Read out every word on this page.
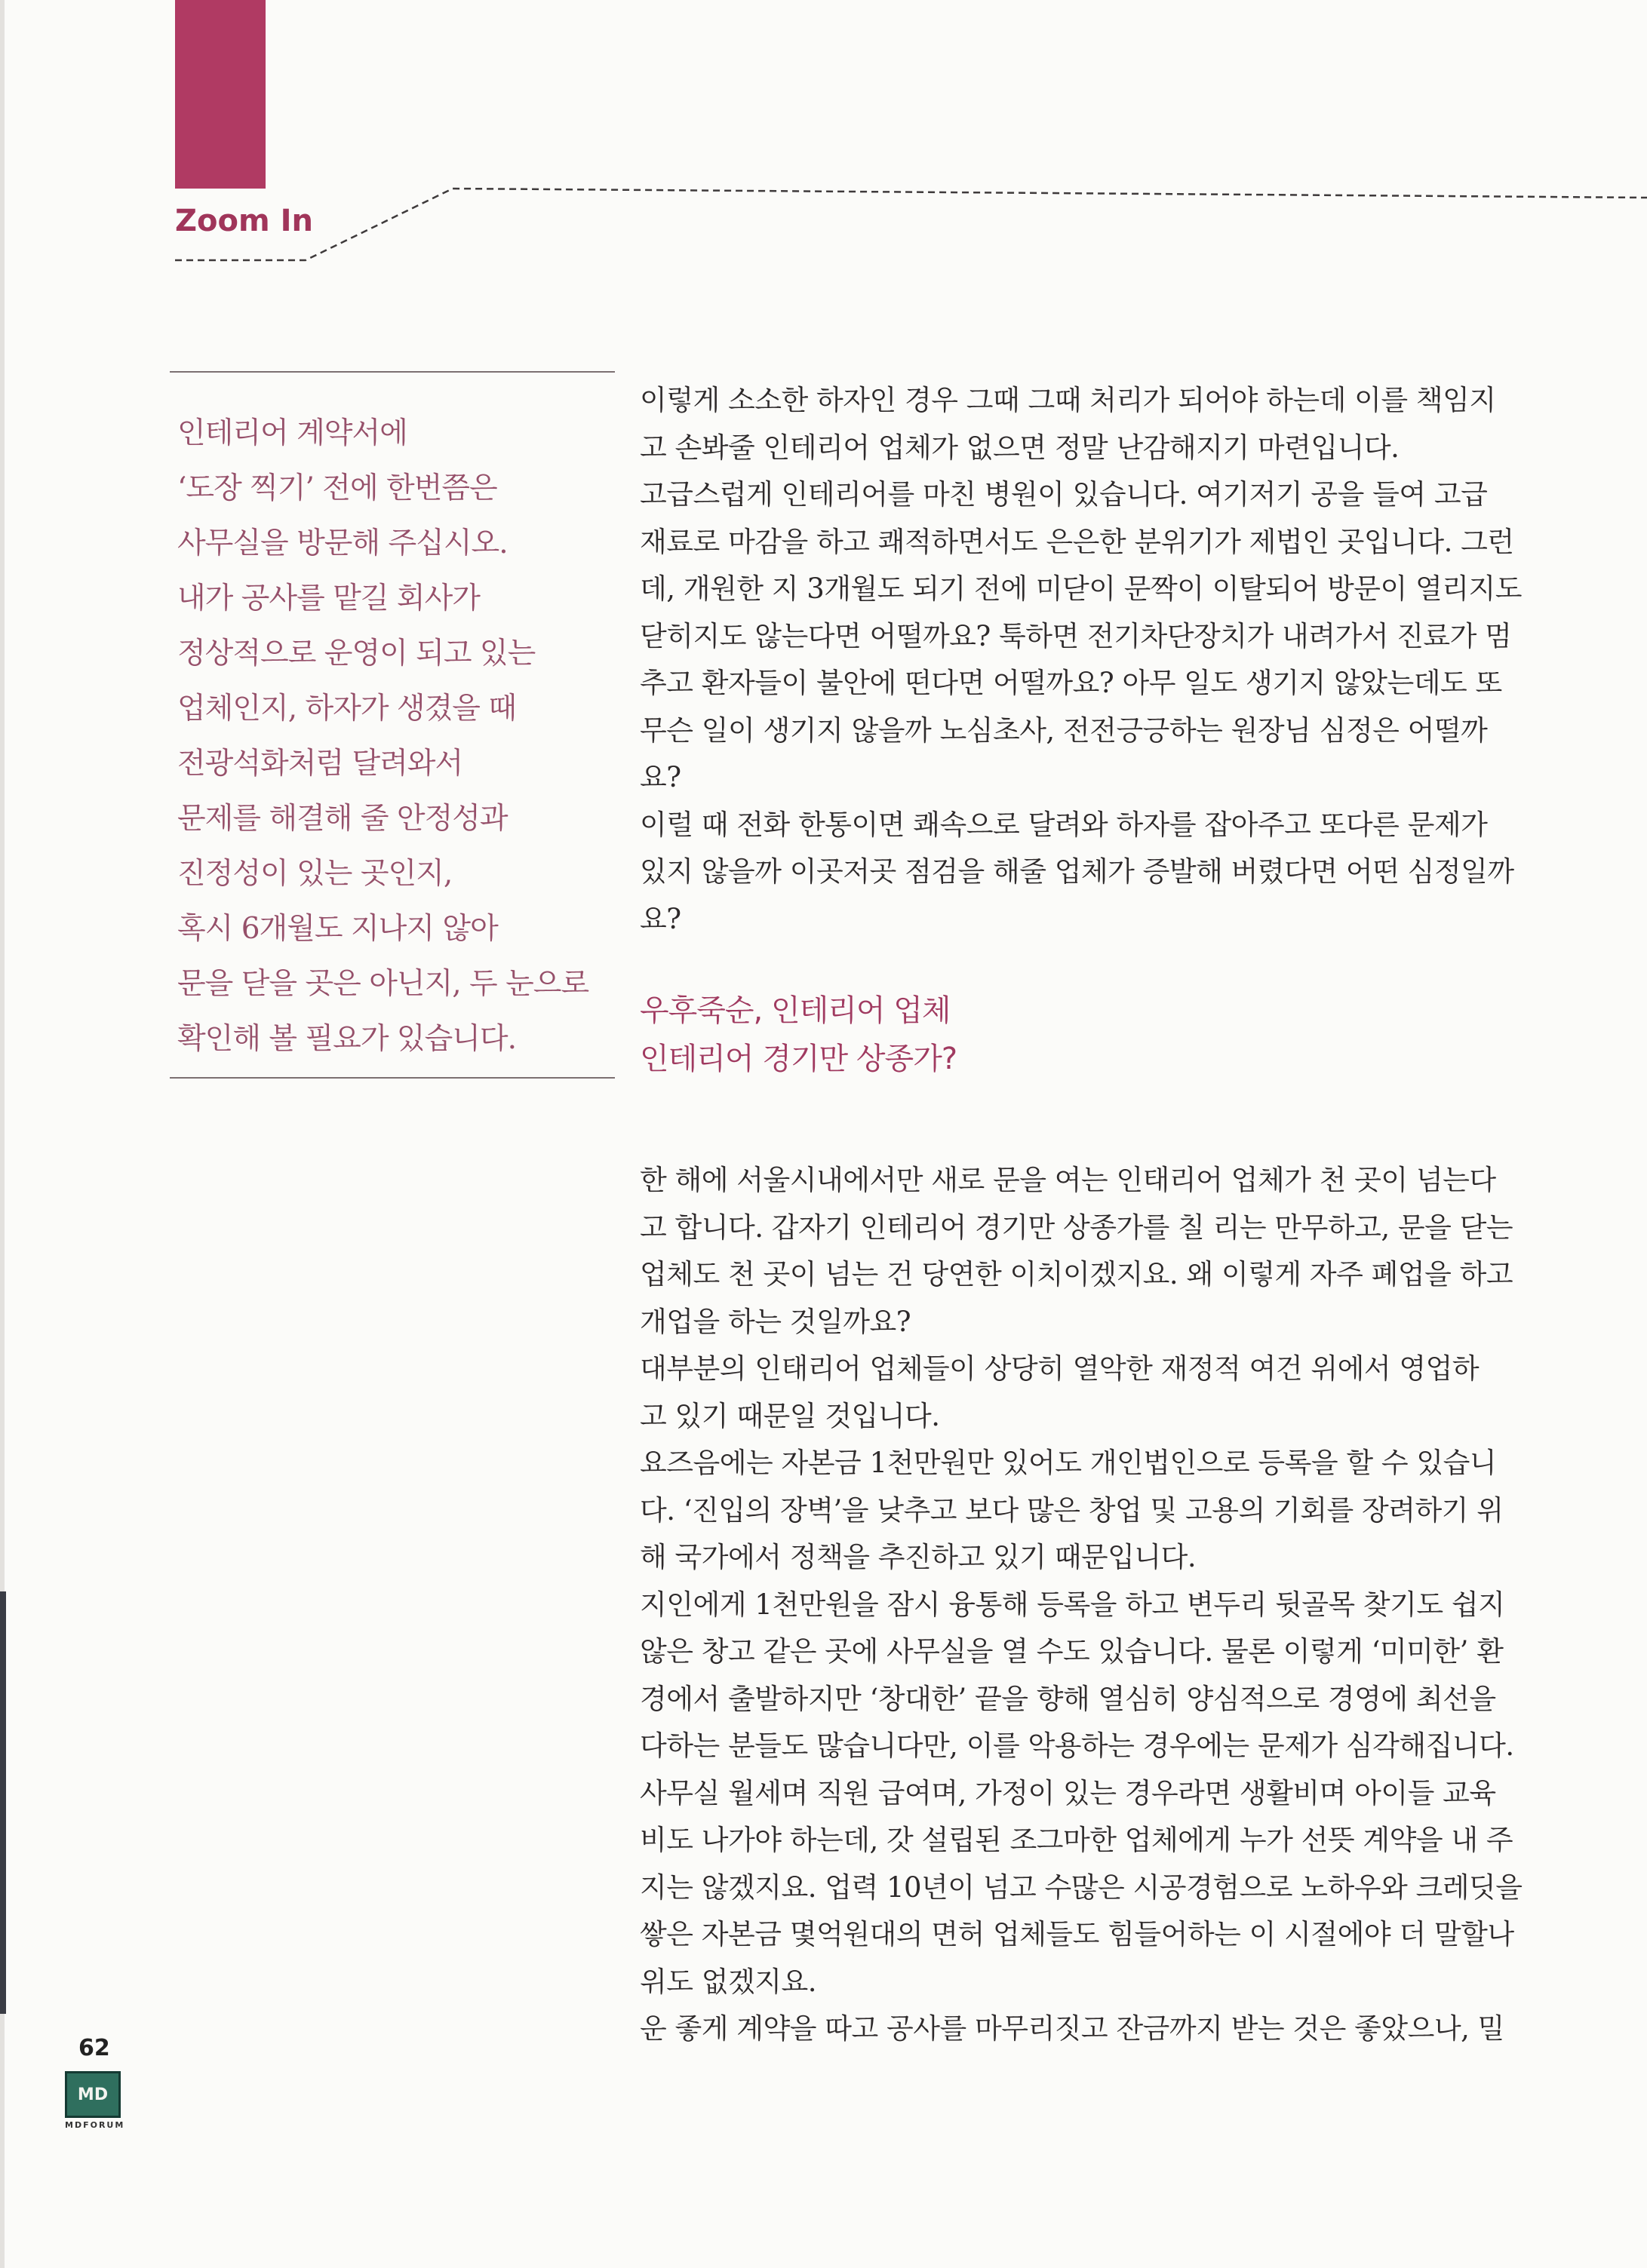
Zoom In

인테리어 계약서에

‘도장 찍기’ 전에 한번쯤은

사무실을 방문해 주십시오.

내가 공사를 맡길 회사가

정상적으로 운영이 되고 있는

업체인지, 하자가 생겼을 때

전광석화처럼 달려와서

문제를 해결해 줄 안정성과

진정성이 있는 곳인지,

혹시 6개월도 지나지 않아

문을 닫을 곳은 아닌지, 두 눈으로

확인해 볼 필요가 있습니다.

이렇게 소소한 하자인 경우 그때 그때 처리가 되어야 하는데 이를 책임지

고 손봐줄 인테리어 업체가 없으면 정말 난감해지기 마련입니다.

고급스럽게 인테리어를 마친 병원이 있습니다. 여기저기 공을 들여 고급

재료로 마감을 하고 쾌적하면서도 은은한 분위기가 제법인 곳입니다. 그런

데, 개원한 지 3개월도 되기 전에 미닫이 문짝이 이탈되어 방문이 열리지도

닫히지도 않는다면 어떨까요? 툭하면 전기차단장치가 내려가서 진료가 멈

추고 환자들이 불안에 떤다면 어떨까요? 아무 일도 생기지 않았는데도 또

무슨 일이 생기지 않을까 노심초사, 전전긍긍하는 원장님 심정은 어떨까

요?

이럴 때 전화 한통이면 쾌속으로 달려와 하자를 잡아주고 또다른 문제가

있지 않을까 이곳저곳 점검을 해줄 업체가 증발해 버렸다면 어떤 심정일까

요?

우후죽순, 인테리어 업체
인테리어 경기만 상종가?

한 해에 서울시내에서만 새로 문을 여는 인태리어 업체가 천 곳이 넘는다

고 합니다. 갑자기 인테리어 경기만 상종가를 칠 리는 만무하고, 문을 닫는

업체도 천 곳이 넘는 건 당연한 이치이겠지요. 왜 이렇게 자주 폐업을 하고

개업을 하는 것일까요?

대부분의 인태리어 업체들이 상당히 열악한 재정적 여건 위에서 영업하

고 있기 때문일 것입니다.

요즈음에는 자본금 1천만원만 있어도 개인법인으로 등록을 할 수 있습니

다. ‘진입의 장벽’을 낮추고 보다 많은 창업 및 고용의 기회를 장려하기 위

해 국가에서 정책을 추진하고 있기 때문입니다.

지인에게 1천만원을 잠시 융통해 등록을 하고 변두리 뒷골목 찾기도 쉽지

않은 창고 같은 곳에 사무실을 열 수도 있습니다. 물론 이렇게 ‘미미한’ 환

경에서 출발하지만 ‘창대한’ 끝을 향해 열심히 양심적으로 경영에 최선을

다하는 분들도 많습니다만, 이를 악용하는 경우에는 문제가 심각해집니다.

사무실 월세며 직원 급여며, 가정이 있는 경우라면 생활비며 아이들 교육

비도 나가야 하는데, 갓 설립된 조그마한 업체에게 누가 선뜻 계약을 내 주

지는 않겠지요. 업력 10년이 넘고 수많은 시공경험으로 노하우와 크레딧을

쌓은 자본금 몇억원대의 면허 업체들도 힘들어하는 이 시절에야 더 말할나

위도 없겠지요.

운 좋게 계약을 따고 공사를 마무리짓고 잔금까지 받는 것은 좋았으나, 밀

62
MD
MDFORUM
